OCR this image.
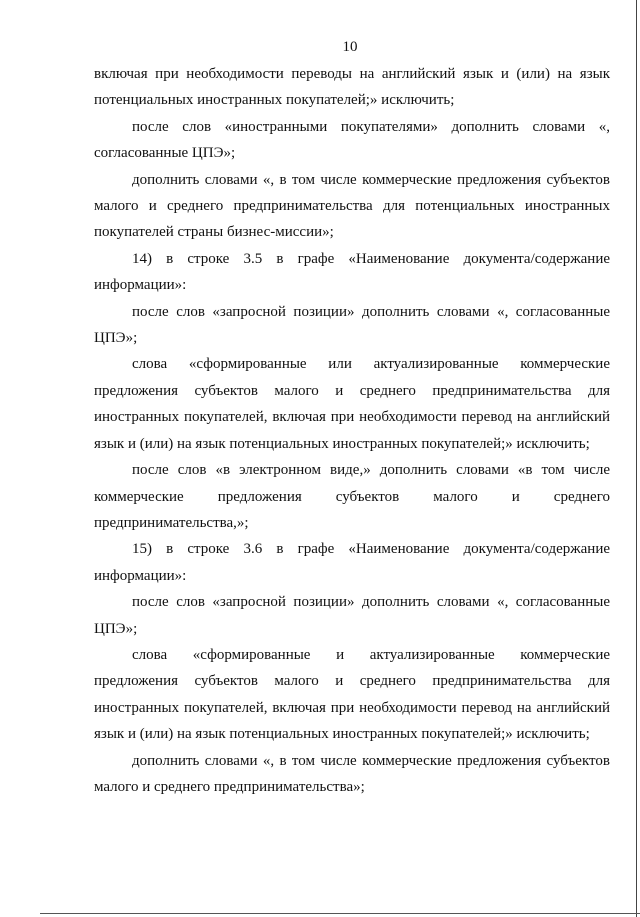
10

включая при необходимости переводы на английский язык и (или) на язык потенциальных иностранных покупателей;» исключить;

после слов «иностранными покупателями» дополнить словами «, согласованные ЦПЭ»;

дополнить словами «, в том числе коммерческие предложения субъектов малого и среднего предпринимательства для потенциальных иностранных покупателей страны бизнес-миссии»;

14) в строке 3.5 в графе «Наименование документа/содержание информации»:

после слов «запросной позиции» дополнить словами «, согласованные ЦПЭ»;

слова «сформированные или актуализированные коммерческие предложения субъектов малого и среднего предпринимательства для иностранных покупателей, включая при необходимости перевод на английский язык и (или) на язык потенциальных иностранных покупателей;» исключить;

после слов «в электронном виде,» дополнить словами «в том числе коммерческие предложения субъектов малого и среднего предпринимательства,»;

15) в строке 3.6 в графе «Наименование документа/содержание информации»:

после слов «запросной позиции» дополнить словами «, согласованные ЦПЭ»;

слова «сформированные и актуализированные коммерческие предложения субъектов малого и среднего предпринимательства для иностранных покупателей, включая при необходимости перевод на английский язык и (или) на язык потенциальных иностранных покупателей;» исключить;

дополнить словами «, в том числе коммерческие предложения субъектов малого и среднего предпринимательства»;
